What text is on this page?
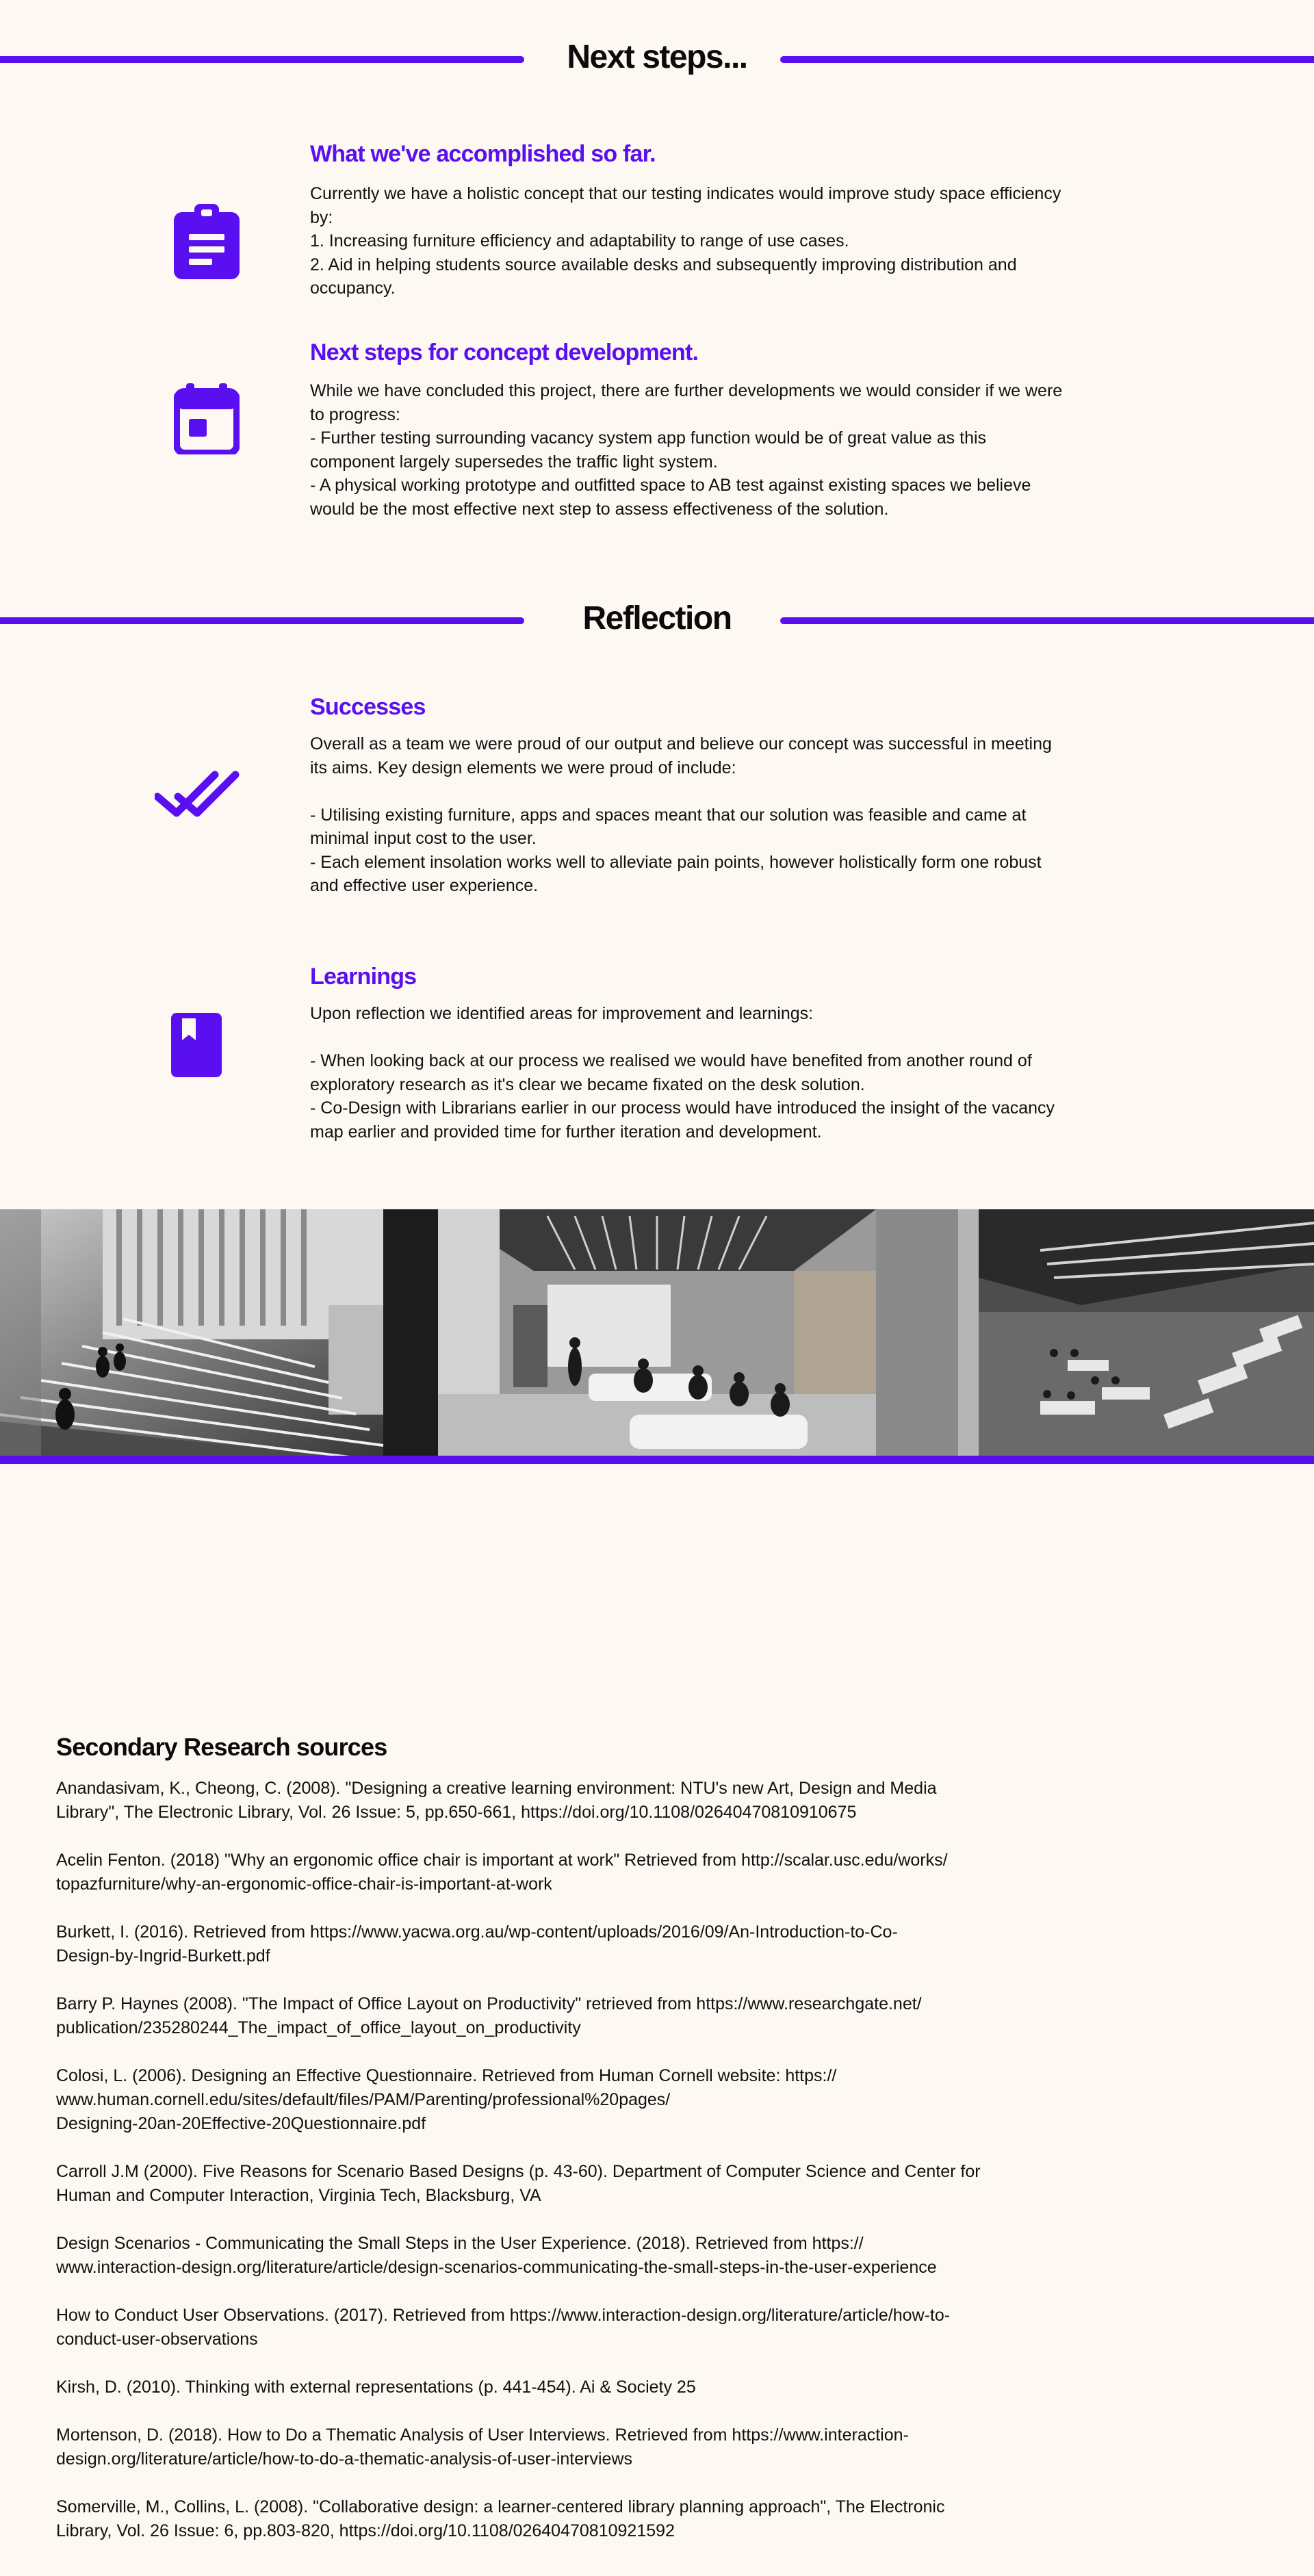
Next steps...
What we've accomplished so far.
Currently we have a holistic concept that our testing indicates would improve study space efficiency
by:
1. Increasing furniture efficiency and adaptability to range of use cases.
2. Aid in helping students source available desks and subsequently improving distribution and
occupancy.
Next steps for concept development.
While we have concluded this project, there are further developments we would consider if we were
to progress:
- Further testing surrounding vacancy system app function would be of great value as this
component largely supersedes the traffic light system.
- A physical working prototype and outfitted space to AB test against existing spaces we believe
would be the most effective next step to assess effectiveness of the solution.
Reflection
Successes
Overall as a team we were proud of our output and believe our concept was successful in meeting
its aims. Key design elements we were proud of include:
- Utilising existing furniture, apps and spaces meant that our solution was feasible and came at
minimal input cost to the user.
- Each element insolation works well to alleviate pain points, however holistically form one robust
and effective user experience.
Learnings
Upon reflection we identified areas for improvement and learnings:
- When looking back at our process we realised we would have benefited from another round of
exploratory research as it's clear we became fixated on the desk solution.
- Co-Design with Librarians earlier in our process would have introduced the insight of the vacancy
map earlier and provided time for further iteration and development.
Secondary Research sources
Anandasivam, K., Cheong, C. (2008). "Designing a creative learning environment: NTU's new Art, Design and Media
Library", The Electronic Library, Vol. 26 Issue: 5, pp.650-661, https://doi.org/10.1108/02640470810910675
Acelin Fenton. (2018) "Why an ergonomic office chair is important at work" Retrieved from http://scalar.usc.edu/works/
topazfurniture/why-an-ergonomic-office-chair-is-important-at-work
Burkett, I. (2016). Retrieved from https://www.yacwa.org.au/wp-content/uploads/2016/09/An-Introduction-to-Co-
Design-by-Ingrid-Burkett.pdf
Barry P. Haynes (2008). "The Impact of Office Layout on Productivity" retrieved from https://www.researchgate.net/
publication/235280244_The_impact_of_office_layout_on_productivity
Colosi, L. (2006). Designing an Effective Questionnaire. Retrieved from Human Cornell website: https://
www.human.cornell.edu/sites/default/files/PAM/Parenting/professional%20pages/
Designing-20an-20Effective-20Questionnaire.pdf
Carroll J.M (2000). Five Reasons for Scenario Based Designs (p. 43-60). Department of Computer Science and Center for
Human and Computer Interaction, Virginia Tech, Blacksburg, VA
Design Scenarios - Communicating the Small Steps in the User Experience. (2018). Retrieved from https://
www.interaction-design.org/literature/article/design-scenarios-communicating-the-small-steps-in-the-user-experience
How to Conduct User Observations. (2017). Retrieved from https://www.interaction-design.org/literature/article/how-to-
conduct-user-observations
Kirsh, D. (2010). Thinking with external representations (p. 441-454). Ai & Society 25
Mortenson, D. (2018). How to Do a Thematic Analysis of User Interviews. Retrieved from https://www.interaction-
design.org/literature/article/how-to-do-a-thematic-analysis-of-user-interviews
Somerville, M., Collins, L. (2008). "Collaborative design: a learner-centered library planning approach", The Electronic
Library, Vol. 26 Issue: 6, pp.803-820, https://doi.org/10.1108/02640470810921592
